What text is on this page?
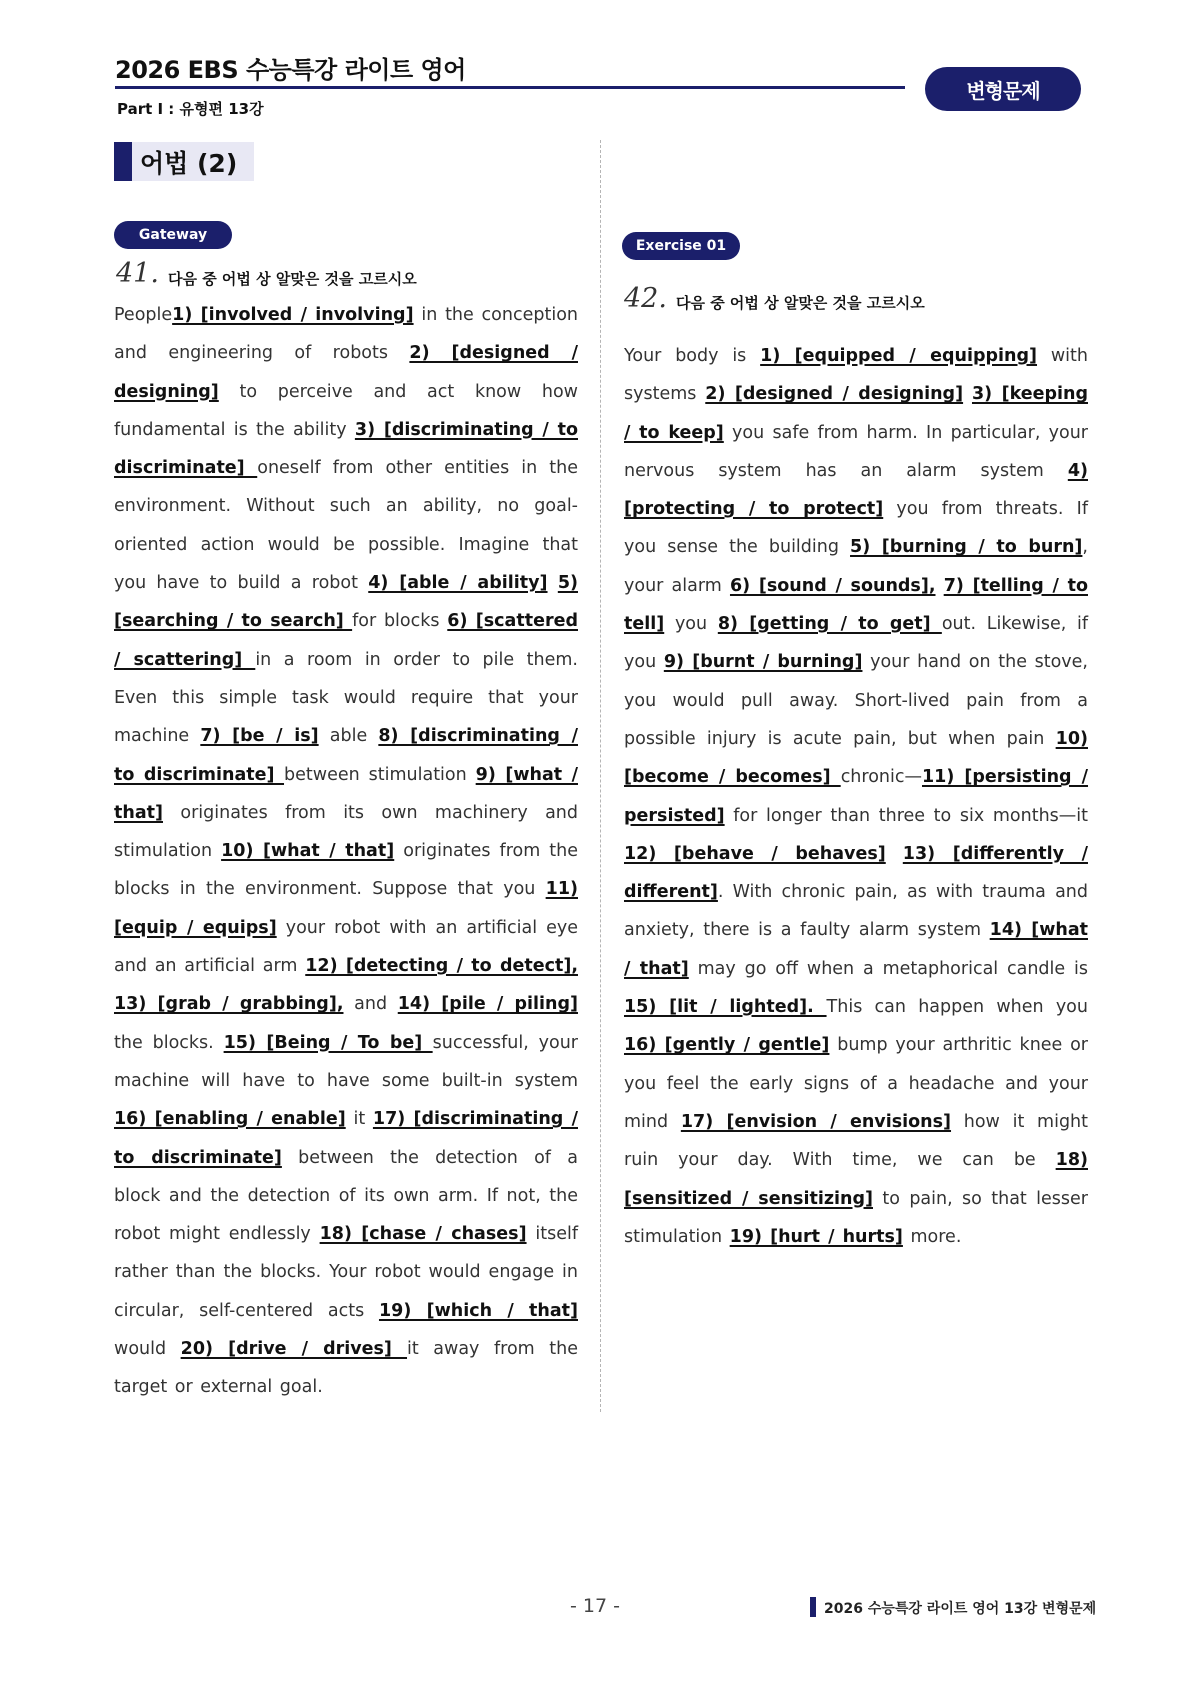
2026 EBS 수능특강 라이트 영어
Part Ⅰ : 유형편 13강
변형문제
어법 (2)
Gateway
41. 다음 중 어법 상 알맞은 것을 고르시오
People1) [involved / involving] in the conception and engineering of robots 2) [designed / designing] to perceive and act know how fundamental is the ability 3) [discriminating / to discriminate] oneself from other entities in the environment. Without such an ability, no goal-oriented action would be possible. Imagine that you have to build a robot 4) [able / ability] 5) [searching / to search] for blocks 6) [scattered / scattering] in a room in order to pile them. Even this simple task would require that your machine 7) [be / is] able 8) [discriminating / to discriminate] between stimulation 9) [what / that] originates from its own machinery and stimulation 10) [what / that] originates from the blocks in the environment. Suppose that you 11) [equip / equips] your robot with an artificial eye and an artificial arm 12) [detecting / to detect], 13) [grab / grabbing], and 14) [pile / piling] the blocks. 15) [Being / To be] successful, your machine will have to have some built-in system 16) [enabling / enable] it 17) [discriminating / to discriminate] between the detection of a block and the detection of its own arm. If not, the robot might endlessly 18) [chase / chases] itself rather than the blocks. Your robot would engage in circular, self-centered acts 19) [which / that] would 20) [drive / drives] it away from the target or external goal.
Exercise 01
42. 다음 중 어법 상 알맞은 것을 고르시오
Your body is 1) [equipped / equipping] with systems 2) [designed / designing] 3) [keeping / to keep] you safe from harm. In particular, your nervous system has an alarm system 4) [protecting / to protect] you from threats. If you sense the building 5) [burning / to burn], your alarm 6) [sound / sounds], 7) [telling / to tell] you 8) [getting / to get] out. Likewise, if you 9) [burnt / burning] your hand on the stove, you would pull away. Short-lived pain from a possible injury is acute pain, but when pain 10) [become / becomes] chronic—11) [persisting / persisted] for longer than three to six months—it 12) [behave / behaves] 13) [differently / different]. With chronic pain, as with trauma and anxiety, there is a faulty alarm system 14) [what / that] may go off when a metaphorical candle is 15) [lit / lighted]. This can happen when you 16) [gently / gentle] bump your arthritic knee or you feel the early signs of a headache and your mind 17) [envision / envisions] how it might ruin your day. With time, we can be 18) [sensitized / sensitizing] to pain, so that lesser stimulation 19) [hurt / hurts] more.
- 17 -	2026 수능특강 라이트 영어 13강 변형문제
